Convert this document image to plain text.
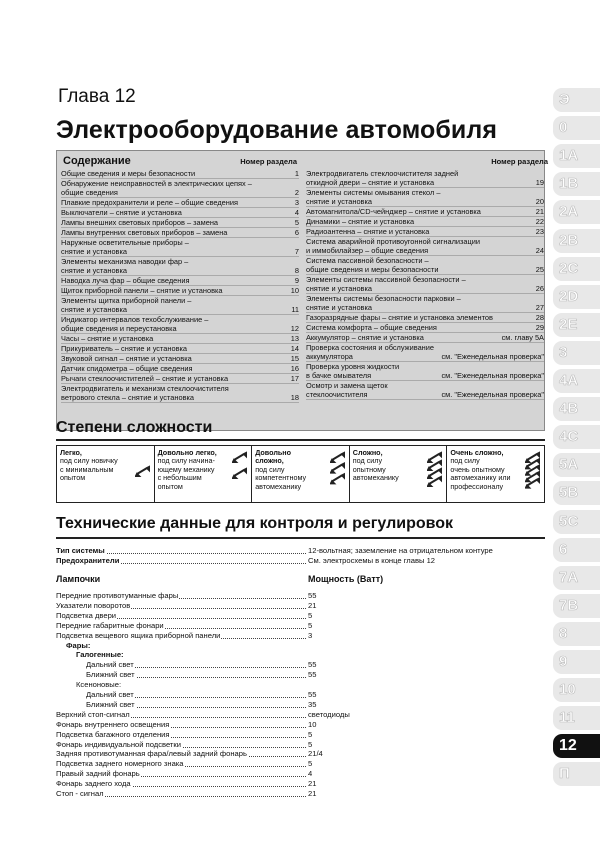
Глава 12
Электрооборудование автомобиля
Содержание	Номер раздела
Общие сведения и меры безопасности	1
Обнаружение неисправностей в электрических цепях –
общие сведения	2
Плавкие предохранители и реле – общие сведения	3
Выключатели – снятие и установка	4
Лампы внешних световых приборов – замена	5
Лампы внутренних световых приборов – замена	6
Наружные осветительные приборы –
снятие и установка	7
Элементы механизма наводки фар –
снятие и установка	8
Наводка луча фар – общие сведения	9
Щиток приборной панели – снятие и установка	10
Элементы щитка приборной панели –
снятие и установка	11
Индикатор интервалов техобслуживание –
общие сведения и переустановка	12
Часы – снятие и установка	13
Прикуриватель – снятие и установка	14
Звуковой сигнал – снятие и установка	15
Датчик спидометра – общие сведения	16
Рычаги стеклоочистителей – снятие и установка	17
Электродвигатель и механизм стеклоочистителя
ветрового стекла – снятие и установка	18
Номер раздела
Электродвигатель стеклоочистителя задней
откидной двери – снятие и установка	19
Элементы системы омывания стекол –
снятие и установка	20
Автомагнитола/CD-чейнджер – снятие и установка	21
Динамики – снятие и установка	22
Радиоантенна – снятие и установка	23
Система аварийной противоугонной сигнализации
и иммобилайзер – общие сведения	24
Система пассивной безопасности –
общие сведения и меры безопасности	25
Элементы системы пассивной безопасности –
снятие и установка	26
Элементы системы безопасности парковки –
снятие и установка	27
Газоразрядные фары – снятие и установка элементов	28
Система комфорта – общие сведения	29
Аккумулятор – снятие и установка	см. главу 5А
Проверка состояния и обслуживание
аккумулятора	см. "Еженедельная проверка"
Проверка уровня жидкости
в бачке омывателя	см. "Еженедельная проверка"
Осмотр и замена щеток
стеклоочистителя	см. "Еженедельная проверка"
Степени сложности
Легко,
под силу новичку
с минимальным
опытом
Довольно легко,
под силу начина-
ющему механику
с небольшим
опытом
Довольно
сложно,
под силу
компетентному
автомеханику
Сложно,
под силу
опытному
автомеханику
Очень сложно,
под силу
очень опытному
автомеханику или
профессионалу
Технические данные для контроля и регулировок
Тип системы	12-вольтная; заземление на отрицательном контуре
Предохранители	См. электросхемы в конце главы 12
Лампочки	Мощность (Ватт)
Передние противотуманные фары	55
Указатели поворотов	21
Подсветка двери	5
Передние габаритные фонари	5
Подсветка вещевого ящика приборной панели	3
Фары:
Галогенные:
Дальний свет	55
Ближний свет	55
Ксеноновые:
Дальний свет	55
Ближний свет	35
Верхний стоп-сигнал	светодиоды
Фонарь внутреннего освещения	10
Подсветка багажного отделения	5
Фонарь индивидуальной подсветки	5
Задняя противотуманная фара/левый задний фонарь	21/4
Подсветка заднего номерного знака	5
Правый задний фонарь	4
Фонарь заднего хода	21
Стоп - сигнал	21
Э
0
1А
1В
2А
2В
2С
2D
2Е
3
4А
4В
4С
5А
5В
5С
6
7А
7В
8
9
10
11
12
П
